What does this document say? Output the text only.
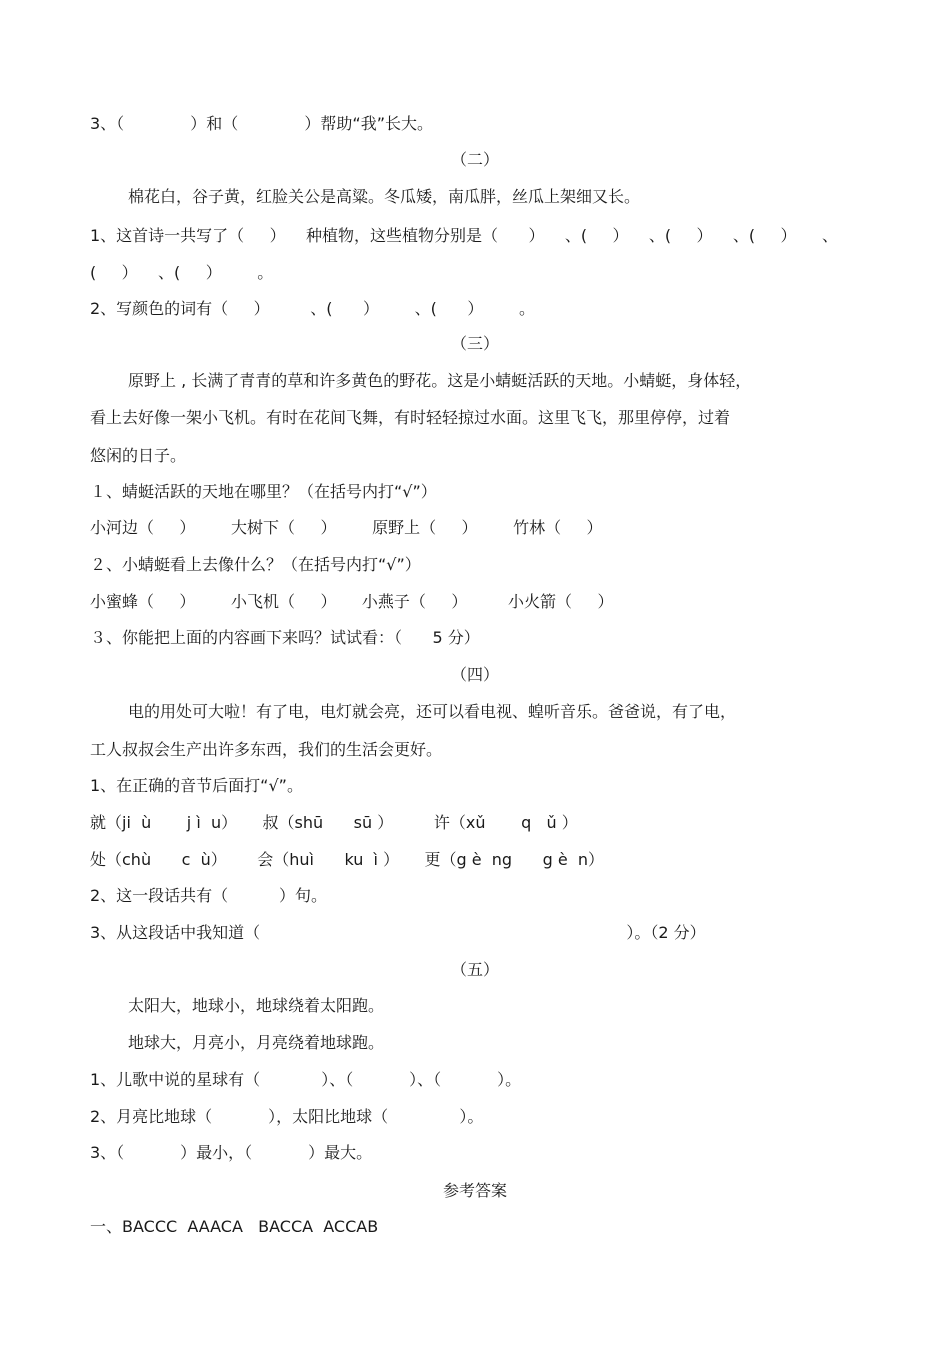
3、（             ）和（             ）帮助“我”长大。
（二）
棉花白，谷子黄，红脸关公是高粱。冬瓜矮，南瓜胖，丝瓜上架细又长。
1、这首诗一共写了（     ）    种植物，这些植物分别是（      ）    、(     ）    、(     ）    、(     ）     、
(     ）    、(     ）       。
2、写颜色的词有（     ）        、(      ）       、(      ）       。
（三）
原野上 , 长满了青青的草和许多黄色的野花。这是小蜻蜓活跃的天地。小蜻蜓，身体轻，
看上去好像一架小飞机。有时在花间飞舞，有时轻轻掠过水面。这里飞飞，那里停停，过着
悠闲的日子。
１、蜻蜓活跃的天地在哪里？（在括号内打“√”）
小河边（     ）       大树下（     ）       原野上（     ）       竹林（     ）
２、小蜻蜓看上去像什么？（在括号内打“√”）
小蜜蜂（     ）       小飞机（     ）     小燕子（     ）        小火箭（     ）
３、你能把上面的内容画下来吗？试试看：（      5 分）
（四）
电的用处可大啦！有了电，电灯就会亮，还可以看电视、蝗听音乐。爸爸说，有了电，
工人叔叔会生产出许多东西，我们的生活会更好。
1、在正确的音节后面打“√”。
就（ji  ù       j ì  u）     叔（shū      sū ）        许（xǔ       q   ǔ ）
处（chù      c  ù）      会（huì      ku  ì ）     更（g è  ng      g è  n）
2、这一段话共有（          ）句。
3、从这段话中我知道（                                                                        ）。（2 分）
（五）
太阳大，地球小，地球绕着太阳跑。
地球大，月亮小，月亮绕着地球跑。
1、儿歌中说的星球有（            ）、（           ）、（           ）。
2、月亮比地球（           ），太阳比地球（              ）。
3、（           ）最小，（           ）最大。
参考答案
一、BACCC  AAACA   BACCA  ACCAB
